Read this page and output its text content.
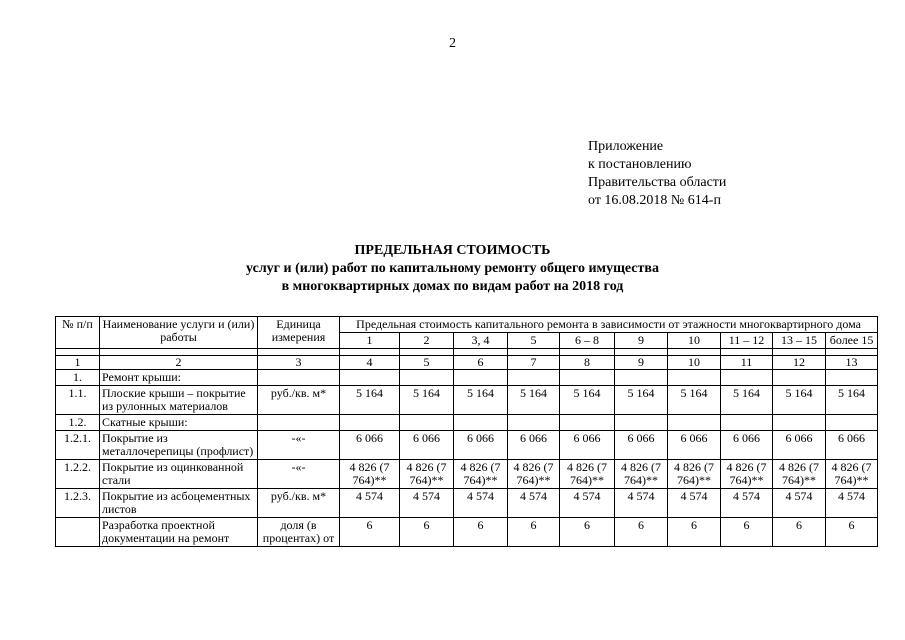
2
Приложение
к постановлению
Правительства области
от 16.08.2018 № 614-п
ПРЕДЕЛЬНАЯ СТОИМОСТЬ
услуг и (или) работ по капитальному ремонту общего имущества
в многоквартирных домах по видам работ на 2018 год
№ п/п	Наименование услуги и (или) работы	Единица измерения	Предельная стоимость капитального ремонта в зависимости от этажности многоквартирного дома									
			1	2	3, 4	5	6 – 8	9	10	11 – 12	13 – 15	более 15

1	2	3	4	5	6	7	8	9	10	11	12	13
1.	Ремонт крыши:											
1.1.	Плоские крыши – покрытие из рулонных материалов	руб./кв. м*	5 164	5 164	5 164	5 164	5 164	5 164	5 164	5 164	5 164	5 164
1.2.	Скатные крыши:											
1.2.1.	Покрытие из металлочерепицы (профлист)	-«-	6 066	6 066	6 066	6 066	6 066	6 066	6 066	6 066	6 066	6 066
1.2.2.	Покрытие из оцинкованной стали	-«-	4 826 (7 764)**	4 826 (7 764)**	4 826 (7 764)**	4 826 (7 764)**	4 826 (7 764)**	4 826 (7 764)**	4 826 (7 764)**	4 826 (7 764)**	4 826 (7 764)**	4 826 (7 764)**
1.2.3.	Покрытие из асбоцементных листов	руб./кв. м*	4 574	4 574	4 574	4 574	4 574	4 574	4 574	4 574	4 574	4 574
	Разработка проектной документации на ремонт	доля (в процентах) от	6	6	6	6	6	6	6	6	6	6
